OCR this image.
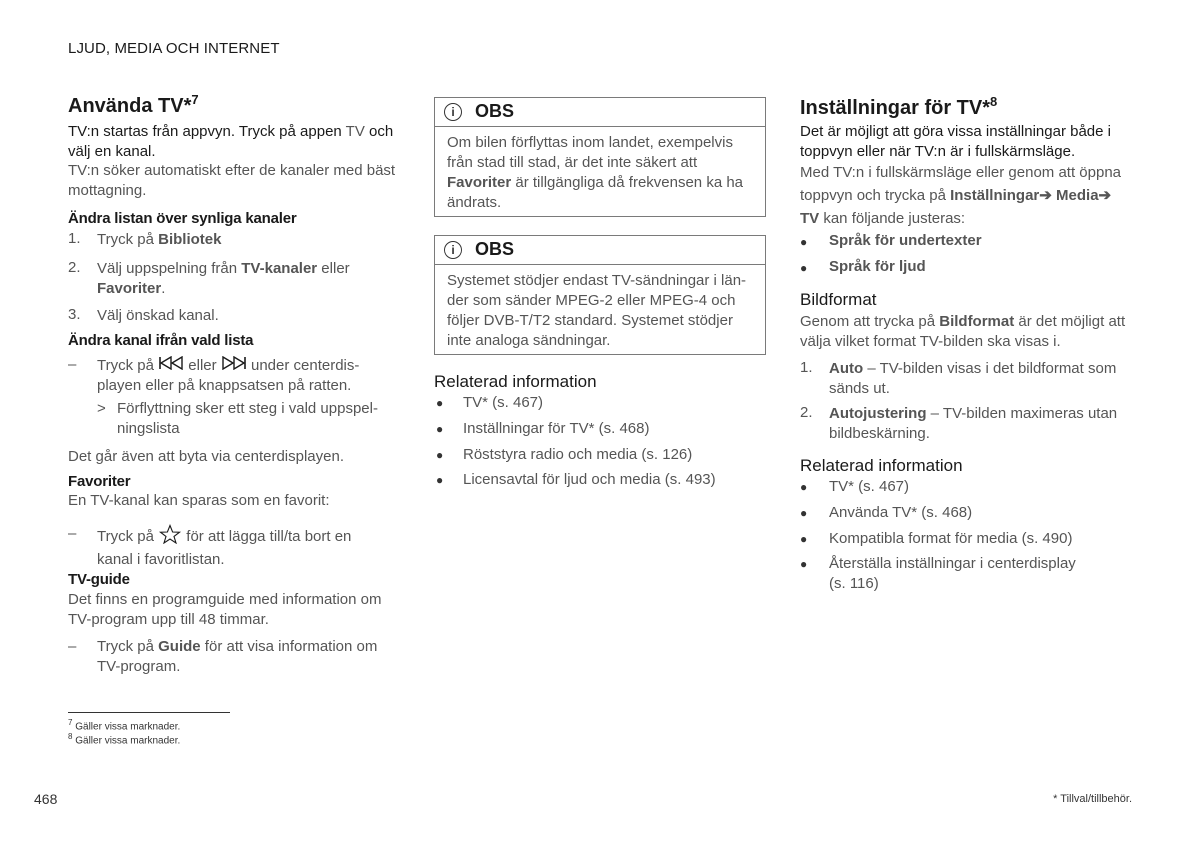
LJUD, MEDIA OCH INTERNET
Använda TV*$^7$
TV:n startas från appvyn. Tryck på appen TV och välj en kanal.
TV:n söker automatiskt efter de kanaler med bäst mottagning.
Ändra listan över synliga kanaler
1. Tryck på Bibliotek
2. Välj uppspelning från TV-kanaler eller
Favoriter.
3. Välj önskad kanal.
Ändra kanal ifrån vald lista
– Tryck på  eller  under centerdis-
playen eller på knappsatsen på ratten.
> Förflyttning sker ett steg i vald uppspel-
ningslista
Det går även att byta via centerdisplayen.
Favoriter
En TV-kanal kan sparas som en favorit:
– Tryck på  för att lägga till/ta bort en
kanal i favoritlistan.
TV-guide
Det finns en programguide med information om
TV-program upp till 48 timmar.
– Tryck på Guide för att visa information om
TV-program.
i	OBS
Om bilen förflyttas inom landet, exempelvis
från stad till stad, är det inte säkert att
Favoriter är tillgängliga då frekvensen ka ha
ändrats.
i	OBS
Systemet stödjer endast TV-sändningar i län-
der som sänder MPEG-2 eller MPEG-4 och
följer DVB-T/T2 standard. Systemet stödjer
inte analoga sändningar.
Relaterad information
● TV* (s. 467)
● Inställningar för TV* (s. 468)
● Röststyra radio och media (s. 126)
● Licensavtal för ljud och media (s. 493)
Inställningar för TV*$^8$
Det är möjligt att göra vissa inställningar både i
toppvyn eller när TV:n är i fullskärmsläge.
Med TV:n i fullskärmsläge eller genom att öppna
toppvyn och trycka på Inställningar➔ Media➔
TV kan följande justeras:
● Språk för undertexter
● Språk för ljud
Bildformat
Genom att trycka på Bildformat är det möjligt att
välja vilket format TV-bilden ska visas i.
1. Auto – TV-bilden visas i det bildformat som
sänds ut.
2. Autojustering – TV-bilden maximeras utan
bildbeskärning.
Relaterad information
● TV* (s. 467)
● Använda TV* (s. 468)
● Kompatibla format för media (s. 490)
● Återställa inställningar i centerdisplay
(s. 116)
$^7$ Gäller vissa marknader.
$^8$ Gäller vissa marknader.
468	* Tillval/tillbehör.
